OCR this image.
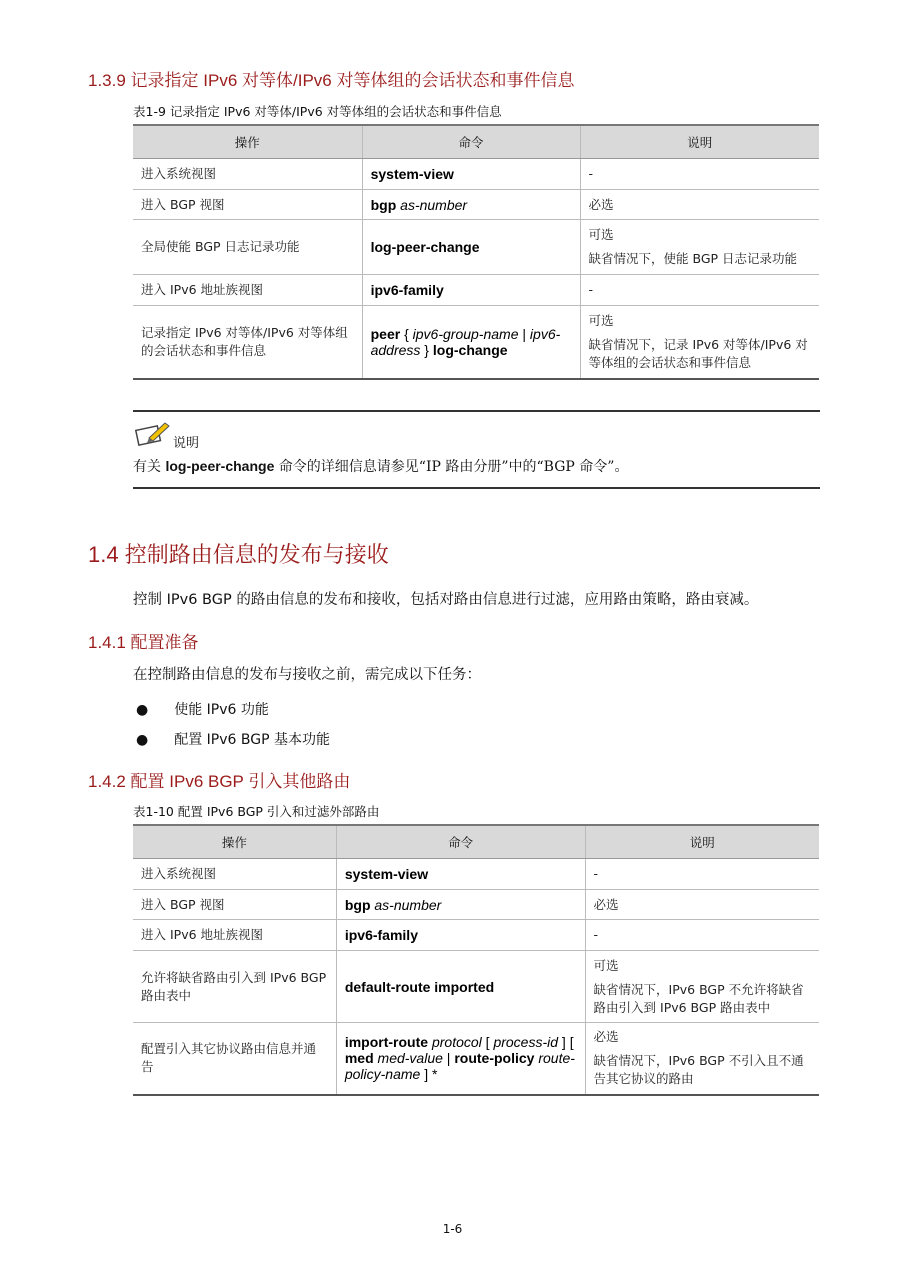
1.3.9 记录指定 IPv6 对等体/IPv6 对等体组的会话状态和事件信息
表1-9 记录指定 IPv6 对等体/IPv6 对等体组的会话状态和事件信息
操作	命令	说明
进入系统视图	system-view	-

进入 BGP 视图	bgp as-number	必选

全局使能 BGP 日志记录功能	log-peer-change	可选
缺省情况下，使能 BGP 日志记录功能

进入 IPv6 地址族视图	ipv6-family	-

记录指定 IPv6 对等体/IPv6 对等体组的会话状态和事件信息	peer { ipv6-group-name | ipv6-address } log-change	可选
缺省情况下，记录 IPv6 对等体/IPv6 对等体组的会话状态和事件信息
说明
有关 log-peer-change 命令的详细信息请参见“IP 路由分册”中的“BGP 命令”。
1.4 控制路由信息的发布与接收
控制 IPv6 BGP 的路由信息的发布和接收，包括对路由信息进行过滤，应用路由策略，路由衰减。
1.4.1 配置准备
在控制路由信息的发布与接收之前，需完成以下任务：
● 使能 IPv6 功能
● 配置 IPv6 BGP 基本功能
1.4.2 配置 IPv6 BGP 引入其他路由
表1-10 配置 IPv6 BGP 引入和过滤外部路由
操作	命令	说明
进入系统视图	system-view	-

进入 BGP 视图	bgp as-number	必选

进入 IPv6 地址族视图	ipv6-family	-

允许将缺省路由引入到 IPv6 BGP 路由表中	default-route imported	可选
缺省情况下，IPv6 BGP 不允许将缺省路由引入到 IPv6 BGP 路由表中

配置引入其它协议路由信息并通告	import-route protocol [ process-id ] [ med med-value | route-policy route-policy-name ] *	必选
缺省情况下，IPv6 BGP 不引入且不通告其它协议的路由
1-6
